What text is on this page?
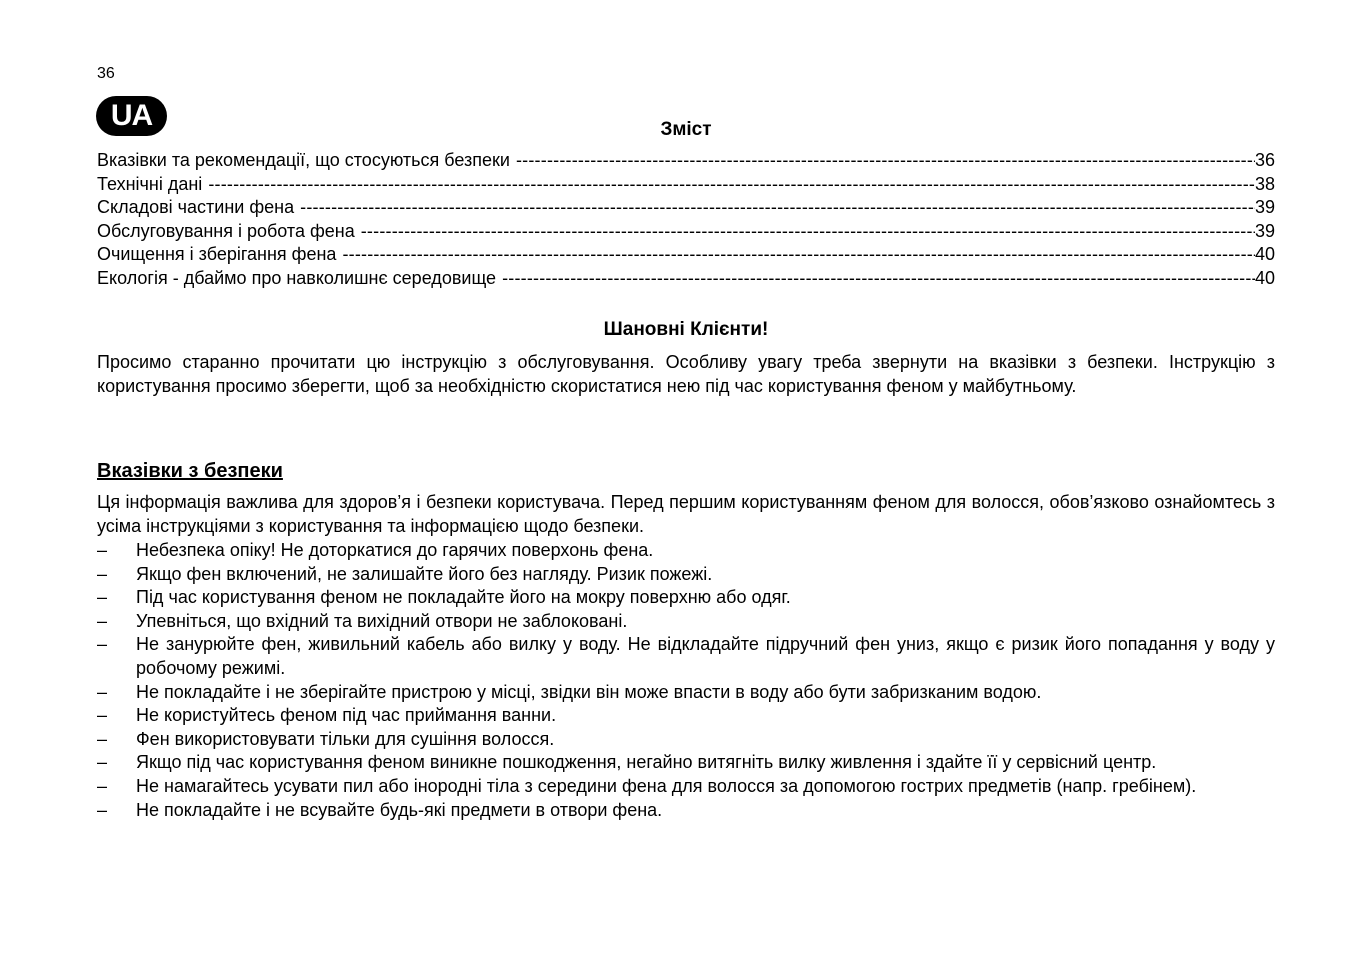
36
UA	Зміст
Вказівки та рекомендації, що стосуються безпеки -----	36
Технічні дані -----	38
Складові частини фена -----	39
Обслуговування і робота фена -----	39
Очищення і зберігання фена -----	40
Екологія - дбаймо про навколишнє середовище -----	40
Шановні Клієнти!
Просимо старанно прочитати цю інструкцію з обслуговування. Особливу увагу треба звернути на вказівки з безпеки. Інструкцію з користування просимо зберегти, щоб за необхідністю скористатися нею під час користування феном у майбутньому.
Вказівки з безпеки
Ця інформація важлива для здоров’я і безпеки користувача. Перед першим користуванням феном для волосся, обов’язково ознайомтесь з усіма інструкціями з користування та інформацією щодо безпеки.
– Небезпека опіку! Не доторкатися до гарячих поверхонь фена.
– Якщо фен включений, не залишайте його без нагляду. Ризик пожежі.
– Під час користування феном не покладайте його на мокру поверхню або одяг.
– Упевніться, що вхідний та вихідний отвори не заблоковані.
– Не занурюйте фен, живильний кабель або вилку у воду. Не відкладайте підручний фен униз, якщо є ризик його попадання у воду у робочому режимі.
– Не покладайте і не зберігайте пристрою у місці, звідки він може впасти в воду або бути забризканим водою.
– Не користуйтесь феном під час приймання ванни.
– Фен використовувати тільки для сушіння волосся.
– Якщо під час користування феном виникне пошкодження, негайно витягніть вилку живлення і здайте її у сервісний центр.
– Не намагайтесь усувати пил або інородні тіла з середини фена для волосся за допомогою гострих предметів (напр. гребінем).
– Не покладайте і не всувайте будь-які предмети в отвори фена.
